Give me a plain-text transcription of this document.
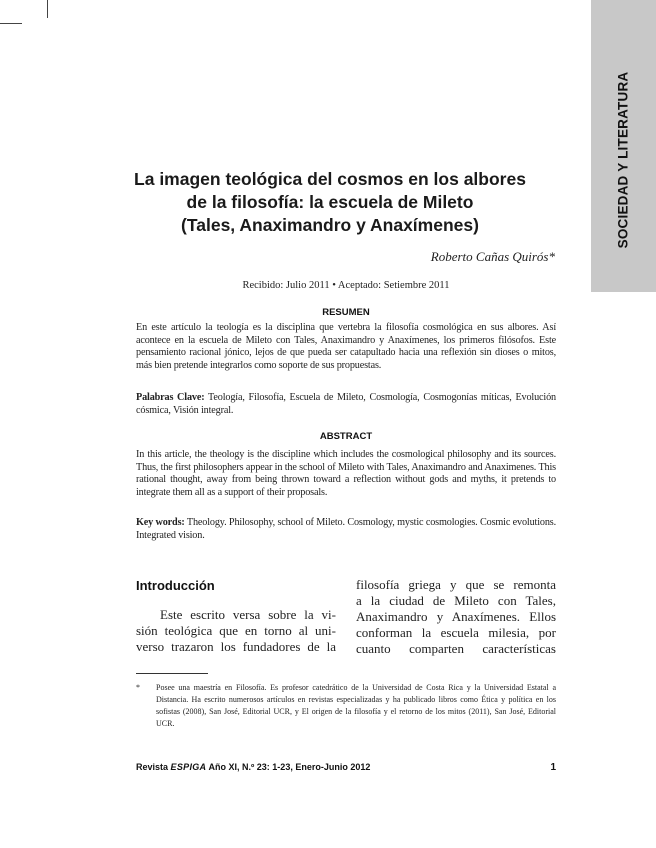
SOCIEDAD Y LITERATURA
La imagen teológica del cosmos en los albores
de la filosofía: la escuela de Mileto
(Tales, Anaximandro y Anaxímenes)
Roberto Cañas Quirós*
Recibido: Julio 2011 • Aceptado: Setiembre 2011
RESUMEN
En este artículo la teología es la disciplina que vertebra la filosofía cosmológica en sus albores. Así acontece en la escuela de Mileto con Tales, Anaximandro y Anaxímenes, los primeros filósofos. Este pensamiento racional jónico, lejos de que pueda ser catapultado hacia una reflexión sin dioses o mitos, más bien pretende integrarlos como soporte de sus propuestas.
Palabras Clave: Teología, Filosofía, Escuela de Mileto, Cosmología, Cosmogonías míticas, Evolución cósmica, Visión integral.
ABSTRACT
In this article, the theology is the discipline which includes the cosmological philosophy and its sources. Thus, the first philosophers appear in the school of Mileto with Tales, Anaximandro and Anaximenes. This rational thought, away from being thrown toward a reflection without gods and myths, it pretends to integrate them all as a support of their proposals.
Key words: Theology. Philosophy, school of Mileto. Cosmology, mystic cosmologies. Cosmic evolutions. Integrated vision.
Introducción
Este escrito versa sobre la vi-
sión teológica que en torno al uni-
verso trazaron los fundadores de la
filosofía griega y que se remonta
a la ciudad de Mileto con Tales,
Anaximandro y Anaxímenes. Ellos
conforman la escuela milesia, por
cuanto comparten características
* Posee una maestría en Filosofía. Es profesor catedrático de la Universidad de Costa Rica y la Universidad Estatal a Distancia. Ha escrito numerosos artículos en revistas especializadas y ha publicado libros como Ética y política en los sofistas (2008), San José, Editorial UCR, y El origen de la filosofía y el retorno de los mitos (2011), San José, Editorial UCR.
Revista ESPIGA Año XI, N.º 23: 1-23, Enero-Junio 2012	1
